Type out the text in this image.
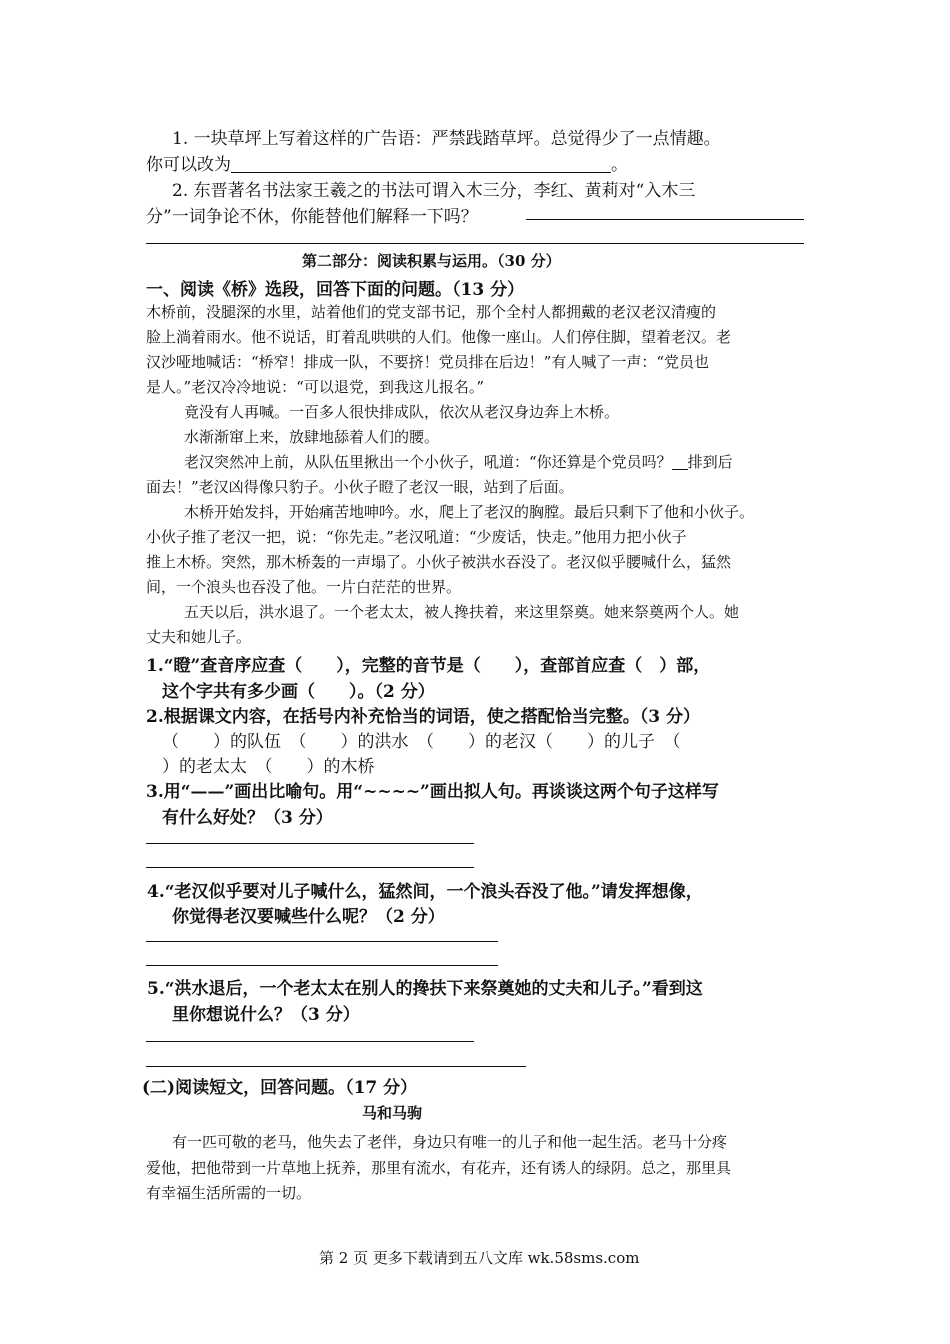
1. 一块草坪上写着这样的广告语：严禁践踏草坪。总觉得少了一点情趣。
你可以改为	。
2. 东晋著名书法家王羲之的书法可谓入木三分，李红、黄莉对“入木三
分”一词争论不休，你能替他们解释一下吗？
第二部分：阅读积累与运用。（30 分）
一、阅读《桥》选段，回答下面的问题。（13 分）
木桥前，没腿深的水里，站着他们的党支部书记，那个全村人都拥戴的老汉老汉清瘦的
脸上淌着雨水。他不说话，盯着乱哄哄的人们。他像一座山。人们停住脚，望着老汉。老
汉沙哑地喊话：“桥窄！排成一队，不要挤！党员排在后边！”有人喊了一声：“党员也
是人。”老汉冷冷地说：“可以退党，到我这儿报名。”
竟没有人再喊。一百多人很快排成队，依次从老汉身边奔上木桥。
水渐渐窜上来，放肆地舔着人们的腰。
老汉突然冲上前，从队伍里揪出一个小伙子，吼道：“你还算是个党员吗？ 排到后
面去！”老汉凶得像只豹子。小伙子瞪了老汉一眼，站到了后面。
木桥开始发抖，开始痛苦地呻吟。水，爬上了老汉的胸膛。最后只剩下了他和小伙子。
小伙子推了老汉一把，说：“你先走。”老汉吼道：“少废话，快走。”他用力把小伙子
推上木桥。突然，那木桥轰的一声塌了。小伙子被洪水吞没了。老汉似乎腰喊什么，猛然
间，一个浪头也吞没了他。一片白茫茫的世界。
五天以后，洪水退了。一个老太太，被人搀扶着，来这里祭奠。她来祭奠两个人。她
丈夫和她儿子。
1.“瞪”查音序应查（　　），完整的音节是（　　），查部首应查（　）部，
这个字共有多少画（　　）。（2 分）
2.根据课文内容，在括号内补充恰当的词语，使之搭配恰当完整。（3 分）
（　　）的队伍　（　　）的洪水　（　　）的老汉（　　）的儿子　（
）的老太太　（　　）的木桥
3.用“——”画出比喻句。用“~~~~”画出拟人句。再谈谈这两个句子这样写
有什么好处？（3 分）
4.“老汉似乎要对儿子喊什么，猛然间，一个浪头吞没了他。”请发挥想像，
你觉得老汉要喊些什么呢？（2 分）
5.“洪水退后，一个老太太在别人的搀扶下来祭奠她的丈夫和儿子。”看到这
里你想说什么？（3 分）
(二)阅读短文，回答问题。（17 分）
马和马驹
有一匹可敬的老马，他失去了老伴，身边只有唯一的儿子和他一起生活。老马十分疼
爱他，把他带到一片草地上抚养，那里有流水，有花卉，还有诱人的绿阴。总之，那里具
有幸福生活所需的一切。
第 2 页 更多下载请到五八文库 wk.58sms.com
